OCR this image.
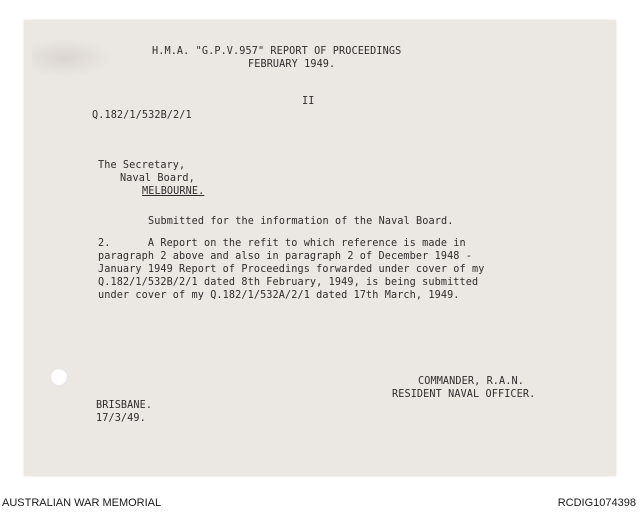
H.M.A. "G.P.V.957" REPORT OF PROCEEDINGS

FEBRUARY 1949.

II

Q.182/1/532B/2/1

The Secretary,

Naval Board,

MELBOURNE.

Submitted for the information of the Naval Board.

2.      A Report on the refit to which reference is made in

paragraph 2 above and also in paragraph 2 of December 1948 -

January 1949 Report of Proceedings forwarded under cover of my

Q.182/1/532B/2/1 dated 8th February, 1949, is being submitted

under cover of my Q.182/1/532A/2/1 dated 17th March, 1949.

COMMANDER, R.A.N.

RESIDENT NAVAL OFFICER.

BRISBANE.

17/3/49.

AUSTRALIAN WAR MEMORIAL	RCDIG1074398
